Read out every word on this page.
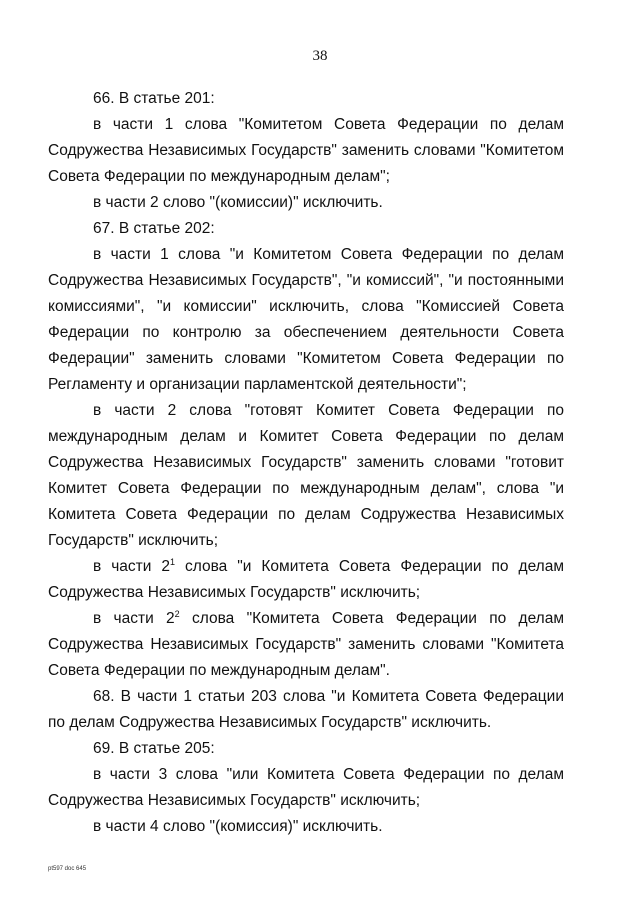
38

66. В статье 201:

в части 1 слова "Комитетом Совета Федерации по делам Содружества Независимых Государств" заменить словами "Комитетом Совета Федерации по международным делам";

в части 2 слово "(комиссии)" исключить.

67. В статье 202:

в части 1 слова "и Комитетом Совета Федерации по делам Содружества Независимых Государств", "и комиссий", "и постоянными комиссиями", "и комиссии" исключить, слова "Комиссией Совета Федерации по контролю за обеспечением деятельности Совета Федерации" заменить словами "Комитетом Совета Федерации по Регламенту и организации парламентской деятельности";

в части 2 слова "готовят Комитет Совета Федерации по международным делам и Комитет Совета Федерации по делам Содружества Независимых Государств" заменить словами "готовит Комитет Совета Федерации по международным делам", слова "и Комитета Совета Федерации по делам Содружества Независимых Государств" исключить;

в части $2^1$ слова "и Комитета Совета Федерации по делам Содружества Независимых Государств" исключить;

в части $2^2$ слова "Комитета Совета Федерации по делам Содружества Независимых Государств" заменить словами "Комитета Совета Федерации по международным делам".

68. В части 1 статьи 203 слова "и Комитета Совета Федерации по делам Содружества Независимых Государств" исключить.

69. В статье 205:

в части 3 слова "или Комитета Совета Федерации по делам Содружества Независимых Государств" исключить;

в части 4 слово "(комиссия)" исключить.

pt597 doc 645
